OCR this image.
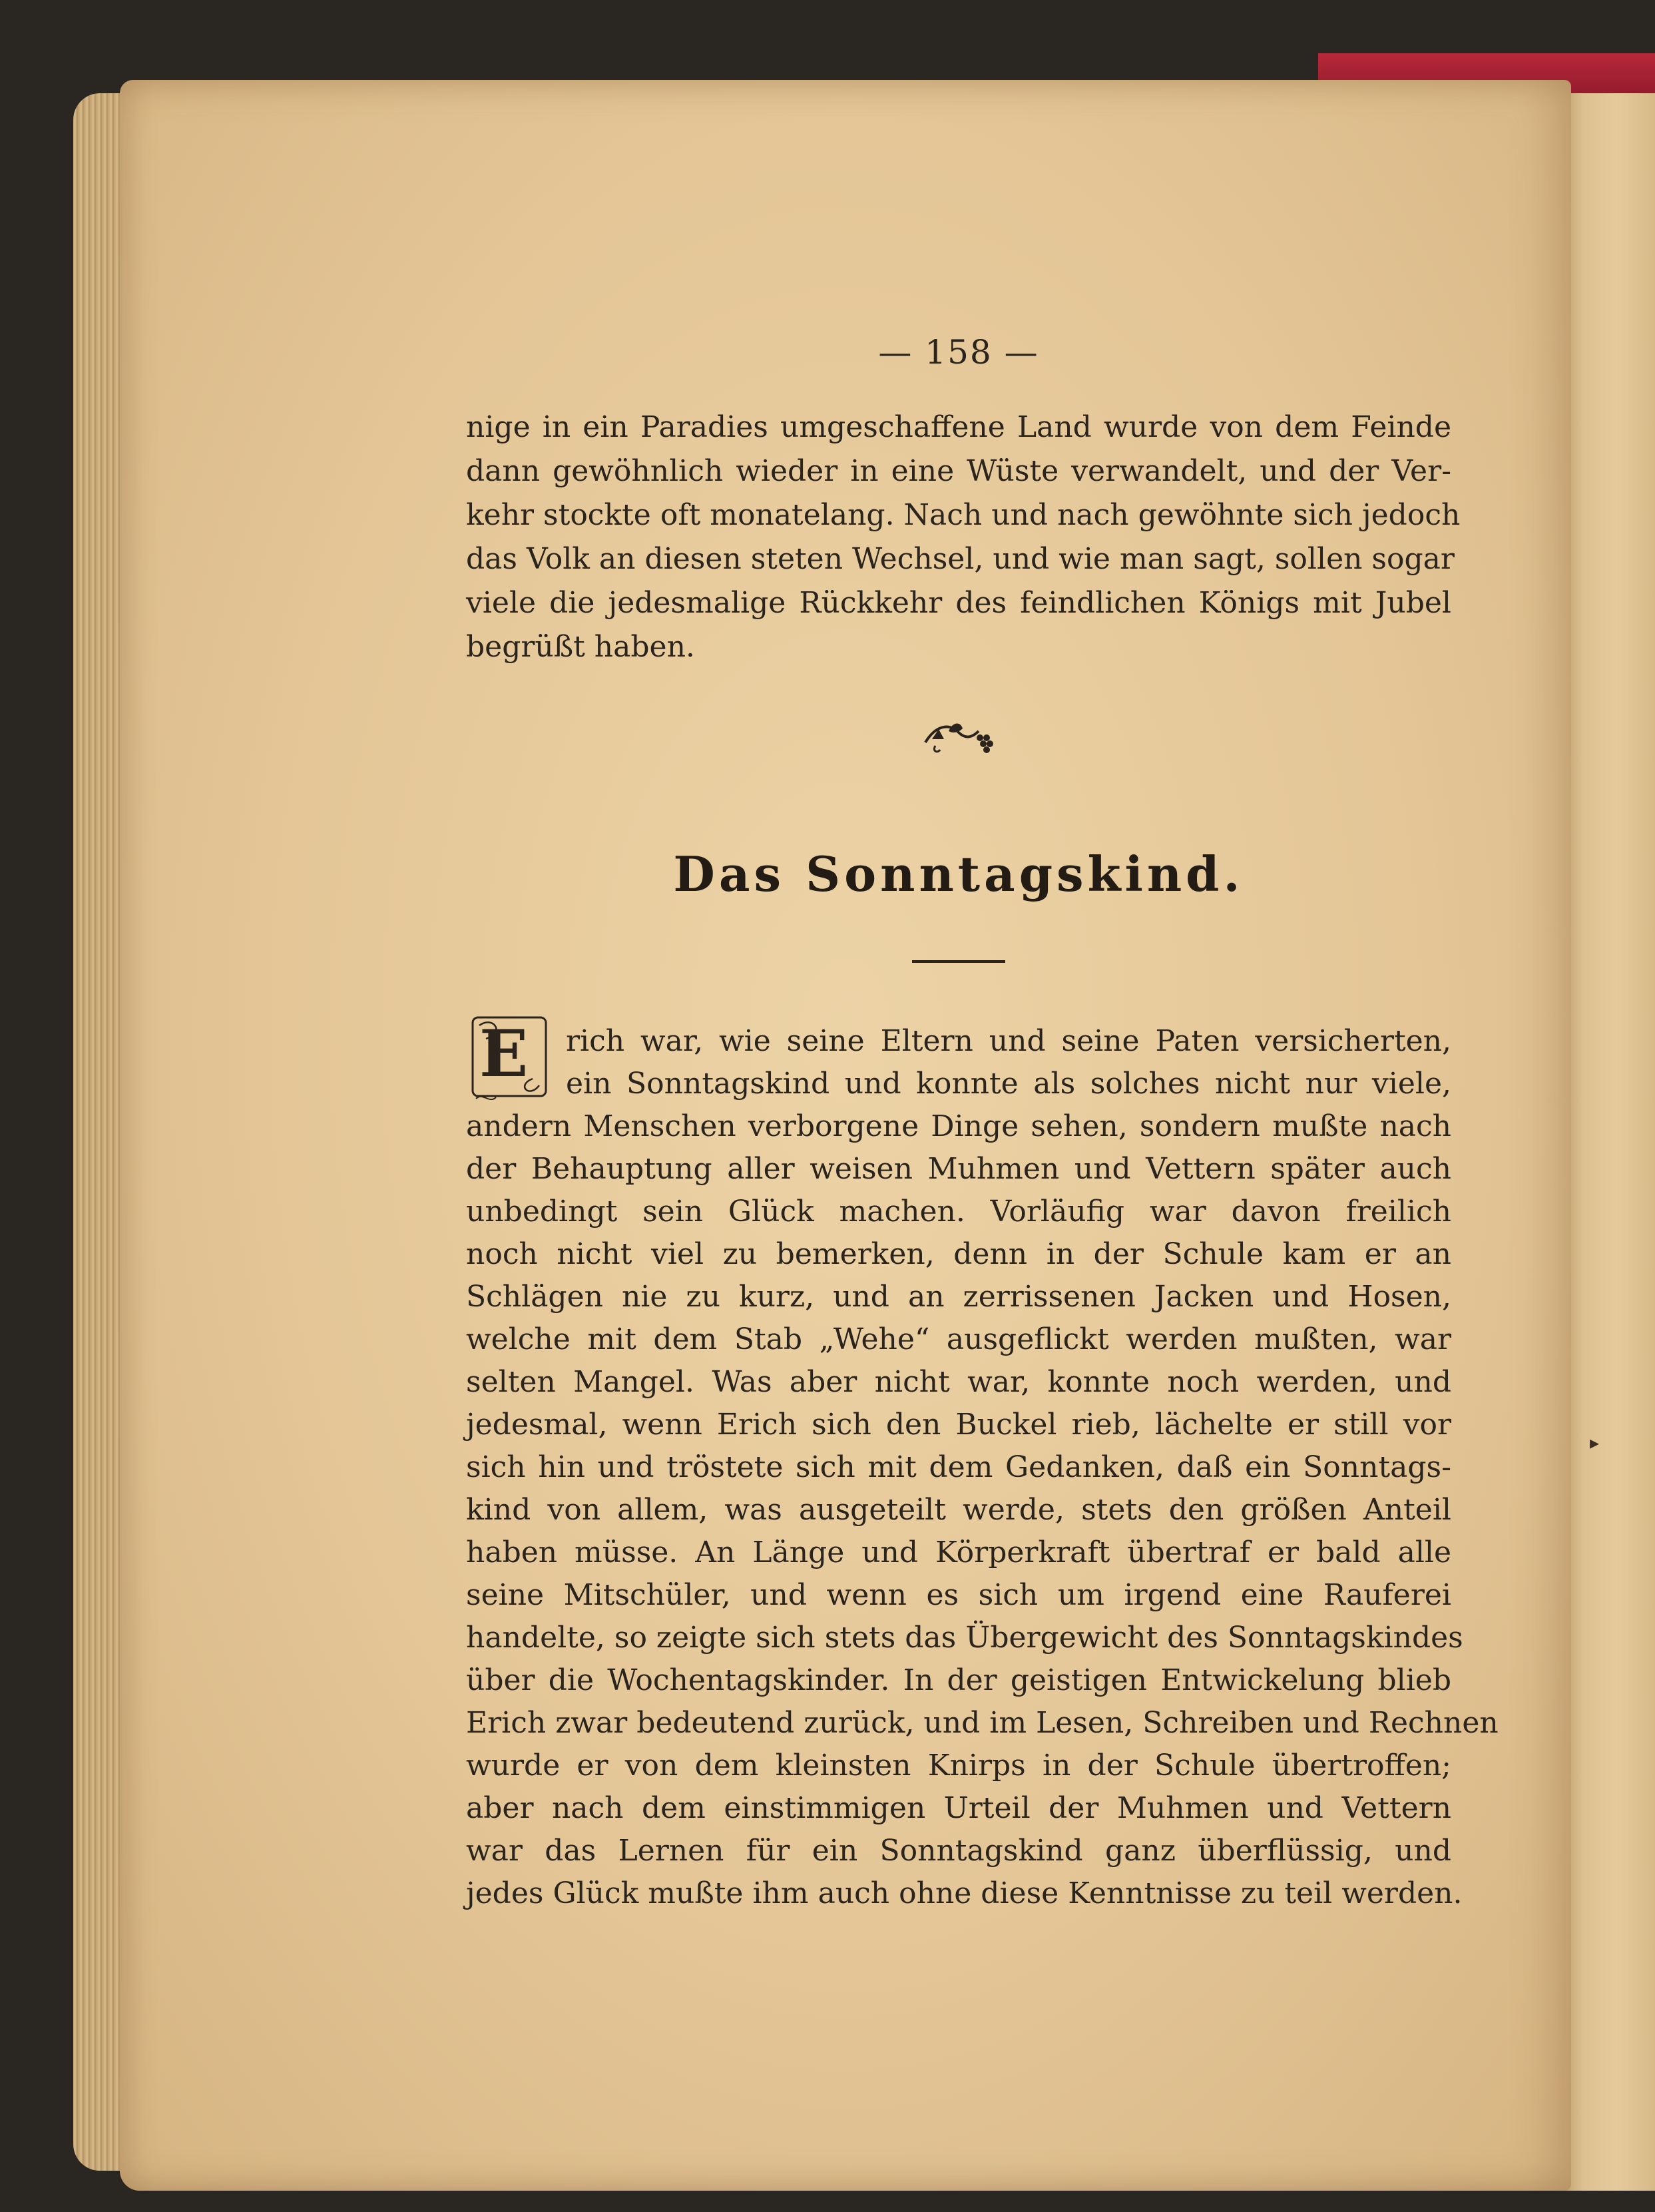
▸
— 158 —
nige in ein Paradies umgeschaffene Land wurde von dem Feinde
dann gewöhnlich wieder in eine Wüste verwandelt, und der Ver-
kehr stockte oft monatelang. Nach und nach gewöhnte sich jedoch
das Volk an diesen steten Wechsel, und wie man sagt, sollen sogar
viele die jedesmalige Rückkehr des feindlichen Königs mit Jubel
begrüßt haben.
Das Sonntagskind.
E rich war, wie seine Eltern und seine Paten versicherten,
ein Sonntagskind und konnte als solches nicht nur viele,
andern Menschen verborgene Dinge sehen, sondern mußte nach
der Behauptung aller weisen Muhmen und Vettern später auch
unbedingt sein Glück machen. Vorläufig war davon freilich
noch nicht viel zu bemerken, denn in der Schule kam er an
Schlägen nie zu kurz, und an zerrissenen Jacken und Hosen,
welche mit dem Stab „Wehe“ ausgeflickt werden mußten, war
selten Mangel. Was aber nicht war, konnte noch werden, und
jedesmal, wenn Erich sich den Buckel rieb, lächelte er still vor
sich hin und tröstete sich mit dem Gedanken, daß ein Sonntags-
kind von allem, was ausgeteilt werde, stets den größen Anteil
haben müsse. An Länge und Körperkraft übertraf er bald alle
seine Mitschüler, und wenn es sich um irgend eine Rauferei
handelte, so zeigte sich stets das Übergewicht des Sonntagskindes
über die Wochentagskinder. In der geistigen Entwickelung blieb
Erich zwar bedeutend zurück, und im Lesen, Schreiben und Rechnen
wurde er von dem kleinsten Knirps in der Schule übertroffen;
aber nach dem einstimmigen Urteil der Muhmen und Vettern
war das Lernen für ein Sonntagskind ganz überflüssig, und
jedes Glück mußte ihm auch ohne diese Kenntnisse zu teil werden.
